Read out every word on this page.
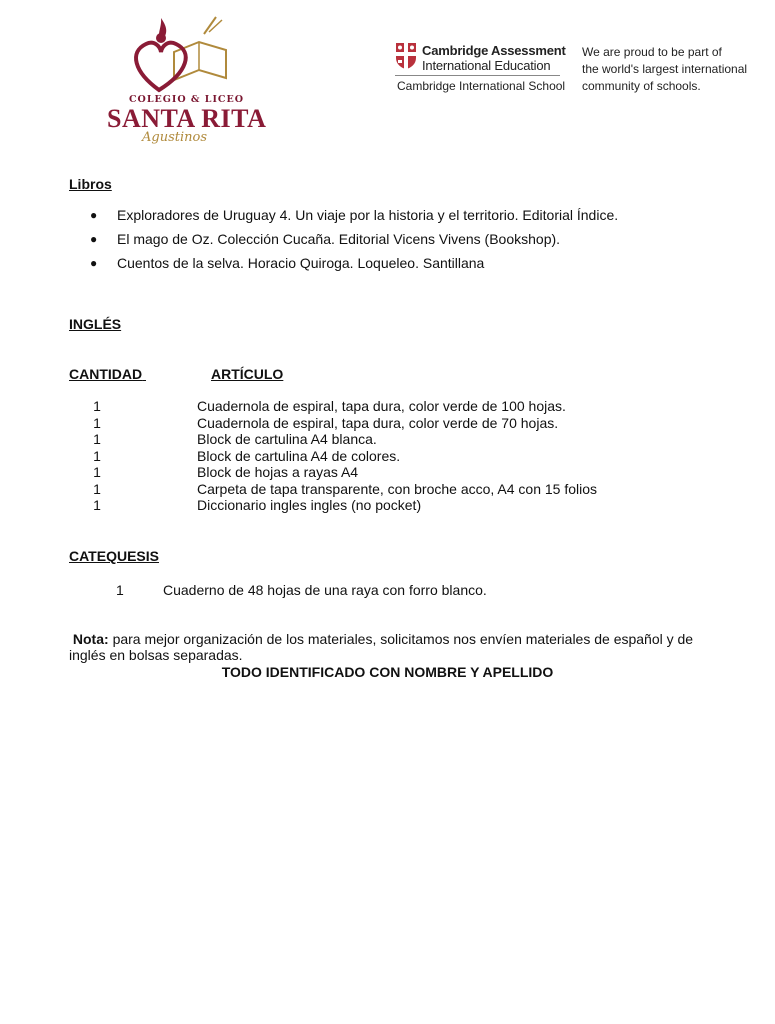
COLEGIO & LICEO
SANTA RITA
Agustinos
Cambridge Assessment
International Education
Cambridge International School
We are proud to be part of
the world's largest international
community of schools.
Libros
● Exploradores de Uruguay 4. Un viaje por la historia y el territorio. Editorial Índice.
● El mago de Oz. Colección Cucaña. Editorial Vicens Vivens (Bookshop).
● Cuentos de la selva. Horacio Quiroga. Loqueleo. Santillana
INGLÉS
CANTIDAD	ARTÍCULO
1
1
1
1
1
1
1
Cuadernola de espiral, tapa dura, color verde de 100 hojas.
Cuadernola de espiral, tapa dura, color verde de 70 hojas.
Block de cartulina A4 blanca.
Block de cartulina A4 de colores.
Block de hojas a rayas A4
Carpeta de tapa transparente, con broche acco, A4 con 15 folios
Diccionario ingles ingles (no pocket)
CATEQUESIS
1	Cuaderno de 48 hojas de una raya con forro blanco.
Nota: para mejor organización de los materiales, solicitamos nos envíen materiales de español y de inglés en bolsas separadas.
TODO IDENTIFICADO CON NOMBRE Y APELLIDO
